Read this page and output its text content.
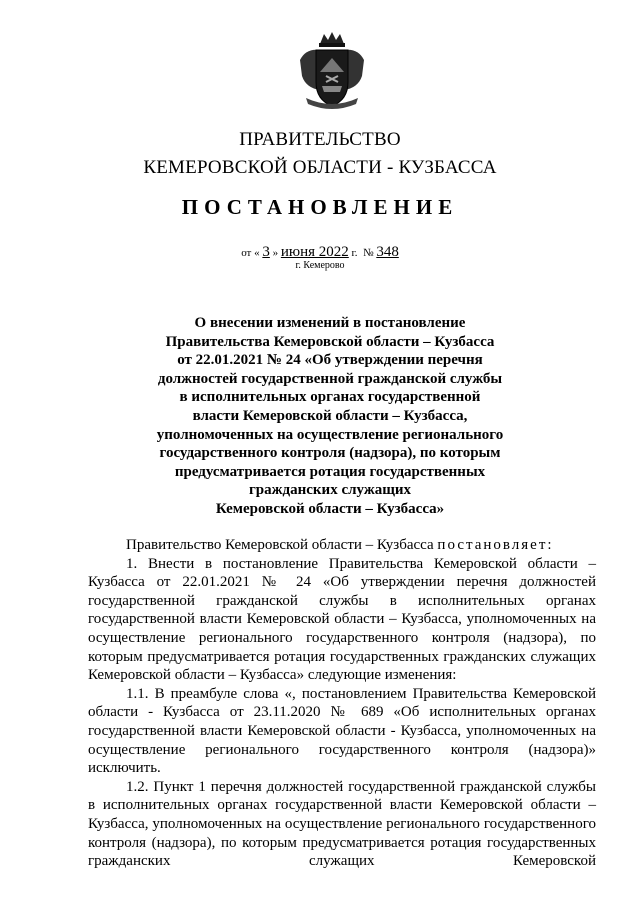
ПРАВИТЕЛЬСТВО
КЕМЕРОВСКОЙ ОБЛАСТИ - КУЗБАССА
ПОСТАНОВЛЕНИЕ
от « 3 » июня 2022 г. № 348
г. Кемерово
О внесении изменений в постановление
Правительства Кемеровской области – Кузбасса
от 22.01.2021 № 24 «Об утверждении перечня
должностей государственной гражданской службы
в исполнительных органах государственной
власти Кемеровской области – Кузбасса,
уполномоченных на осуществление регионального
государственного контроля (надзора), по которым
предусматривается ротация государственных
гражданских служащих
Кемеровской области – Кузбасса»

Правительство Кемеровской области – Кузбасса постановляет:

1. Внести в постановление Правительства Кемеровской области – Кузбасса от 22.01.2021 № 24 «Об утверждении перечня должностей государственной гражданской службы в исполнительных органах государственной власти Кемеровской области – Кузбасса, уполномоченных на осуществление регионального государственного контроля (надзора), по которым предусматривается ротация государственных гражданских служащих Кемеровской области – Кузбасса» следующие изменения:

1.1. В преамбуле слова «, постановлением Правительства Кемеровской области - Кузбасса от 23.11.2020 № 689 «Об исполнительных органах государственной власти Кемеровской области - Кузбасса, уполномоченных на осуществление регионального государственного контроля (надзора)» исключить.

1.2. Пункт 1 перечня должностей государственной гражданской службы в исполнительных органах государственной власти Кемеровской области – Кузбасса, уполномоченных на осуществление регионального государственного контроля (надзора), по которым предусматривается ротация государственных гражданских служащих Кемеровской
